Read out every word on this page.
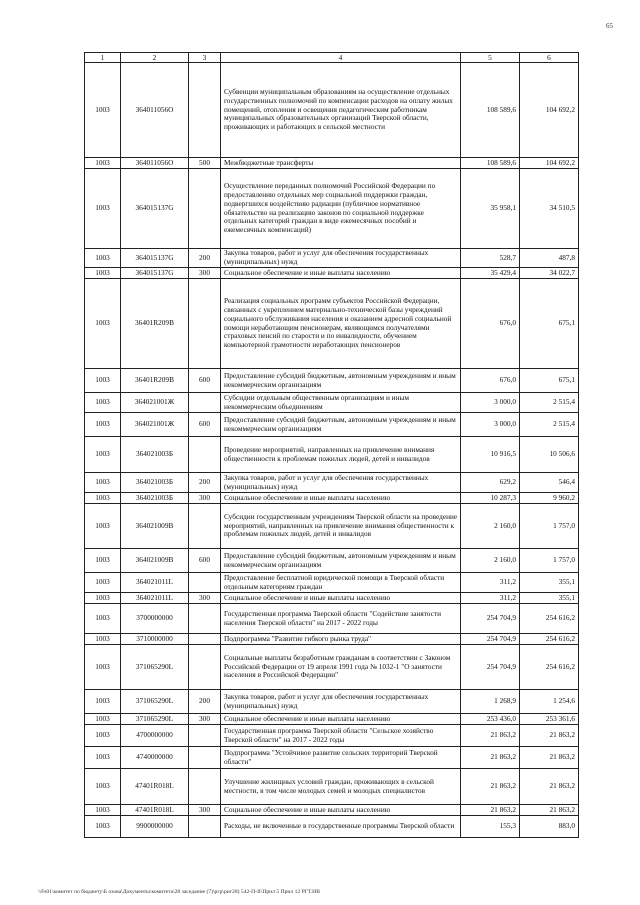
65
1	2	3	4	5	6
1003	364011056O		Субвенции муниципальным образованиям на осуществление отдельных государственных полномочий по компенсации расходов на оплату жилых помещений, отопления и освещения педагогическим работникам муниципальных образовательных организаций Тверской области, проживающих и работающих в сельской местности	108 589,6	104 692,2
1003	364011056O	500	Межбюджетные трансферты	108 589,6	104 692,2
1003	364015137G		Осуществление переданных полномочий Российской Федерации по предоставлению отдельных мер социальной поддержки граждан, подвергшихся воздействию радиации (публичное нормативное обязательство на реализацию законов по социальной поддержке отдельных категорий граждан в виде ежемесячных пособий и ежемесячных компенсаций)	35 958,1	34 510,5
1003	364015137G	200	Закупка товаров, работ и услуг для обеспечения государственных (муниципальных) нужд	528,7	487,8
1003	364015137G	300	Социальное обеспечение и иные выплаты населению	35 429,4	34 022,7
1003	36401R209B		Реализация социальных программ субъектов Российской Федерации, связанных с укреплением материально-технической базы учреждений социального обслуживания населения и оказанием адресной социальной помощи неработающим пенсионерам, являющимся получателями страховых пенсий по старости и по инвалидности, обучением компьютерной грамотности неработающих пенсионеров	676,0	675,1
1003	36401R209B	600	Предоставление субсидий бюджетным, автономным учреждениям и иным некоммерческим организациям	676,0	675,1
1003	364021001Ж		Субсидии отдельным общественным организациям и иным некоммерческим объединениям	3 000,0	2 515,4
1003	364021001Ж	600	Предоставление субсидий бюджетным, автономным учреждениям и иным некоммерческим организациям	3 000,0	2 515,4
1003	364021003Б		Проведение мероприятий, направленных на привлечение внимания общественности к проблемам пожилых людей, детей и инвалидов	10 916,5	10 506,6
1003	364021003Б	200	Закупка товаров, работ и услуг для обеспечения государственных (муниципальных) нужд	629,2	546,4
1003	364021003Б	300	Социальное обеспечение и иные выплаты населению	10 287,3	9 960,2
1003	364021009B		Субсидии государственным учреждениям Тверской области на проведение мероприятий, направленных на привлечение внимания общественности к проблемам пожилых людей, детей и инвалидов	2 160,0	1 757,0
1003	364021009B	600	Предоставление субсидий бюджетным, автономным учреждениям и иным некоммерческим организациям	2 160,0	1 757,0
1003	364021011L		Предоставление бесплатной юридической помощи в Тверской области отдельным категориям граждан	311,2	355,1
1003	364021011L	300	Социальное обеспечение и иные выплаты населению	311,2	355,1
1003	3700000000		Государственная программа Тверской области "Содействие занятости населения Тверской области" на 2017 - 2022 годы	254 704,9	254 616,2
1003	3710000000		Подпрограмма "Развитие гибкого рынка труда"	254 704,9	254 616,2
1003	371065290L		Социальные выплаты безработным гражданам в соответствии с Законом Российской Федерации от 19 апреля 1991 года № 1032-1 "О занятости населения в Российской Федерации"	254 704,9	254 616,2
1003	371065290L	200	Закупка товаров, работ и услуг для обеспечения государственных (муниципальных) нужд	1 268,9	1 254,6
1003	371065290L	300	Социальное обеспечение и иные выплаты населению	253 436,0	253 361,6
1003	4700000000		Государственная программа Тверской области "Сельское хозяйство Тверской области" на 2017 - 2022 годы	21 863,2	21 863,2
1003	4740000000		Подпрограмма "Устойчивое развитие сельских территорий Тверской области"	21 863,2	21 863,2
1003	47401R018L		Улучшение жилищных условий граждан, проживающих в сельской местности, в том числе молодых семей и молодых специалистов	21 863,2	21 863,2
1003	47401R018L	300	Социальное обеспечение и иные выплаты населению	21 863,2	21 863,2
1003	9900000000		Расходы, не включенные в государственные программы Тверской области	155,3	883,0
\\Fs01\комитет по бюджету\Б озова\Документы\комитета\28 заседание (7)\ргр\риг28) 542-П-II\Прил 5 Прил 12 РГТ.ИВ
